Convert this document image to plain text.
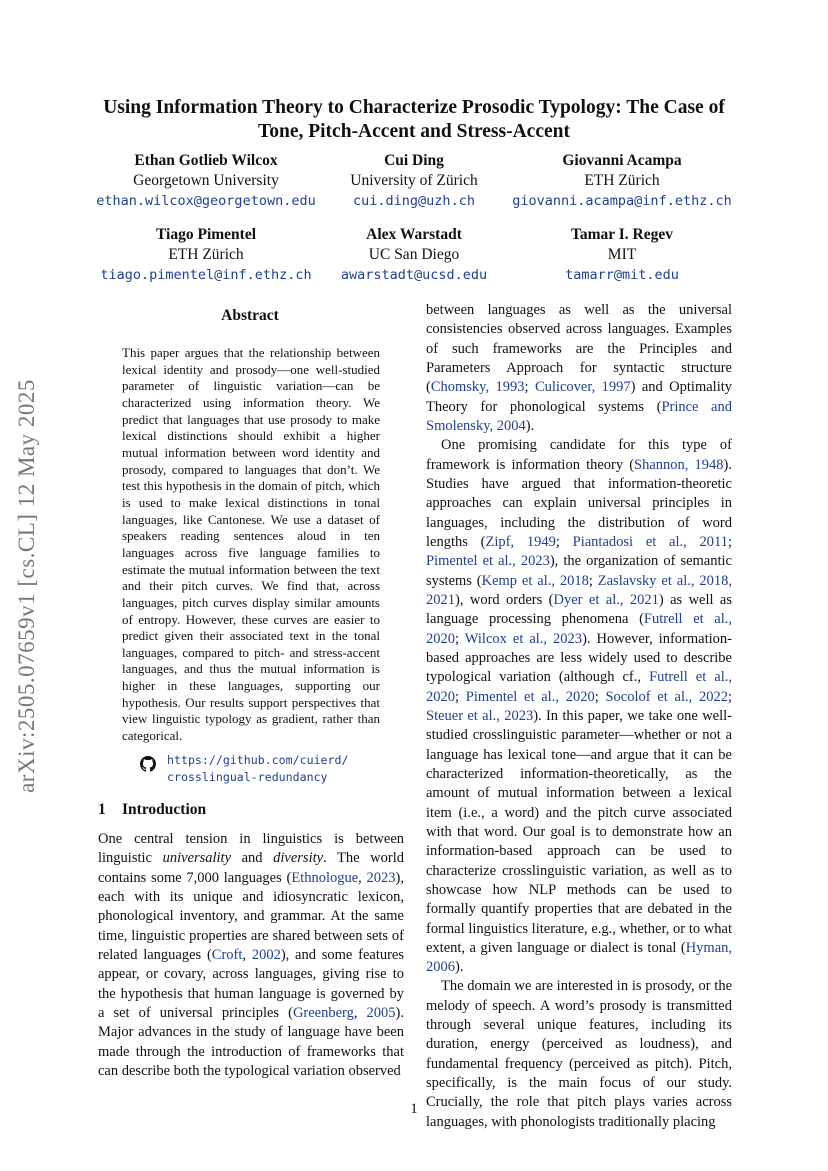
arXiv:2505.07659v1 [cs.CL] 12 May 2025
Using Information Theory to Characterize Prosodic Typology: The Case of
Tone, Pitch-Accent and Stress-Accent
Ethan Gotlieb Wilcox
Georgetown University
ethan.wilcox@georgetown.edu
Cui Ding
University of Zürich
cui.ding@uzh.ch
Giovanni Acampa
ETH Zürich
giovanni.acampa@inf.ethz.ch
Tiago Pimentel
ETH Zürich
tiago.pimentel@inf.ethz.ch
Alex Warstadt
UC San Diego
awarstadt@ucsd.edu
Tamar I. Regev
MIT
tamarr@mit.edu
Abstract
This paper argues that the relationship between lexical identity and prosody—one well-studied parameter of linguistic variation—can be characterized using information theory. We predict that languages that use prosody to make lexical distinctions should exhibit a higher mutual information between word identity and prosody, compared to languages that don’t. We test this hypothesis in the domain of pitch, which is used to make lexical distinctions in tonal languages, like Cantonese. We use a dataset of speakers reading sentences aloud in ten languages across five language families to estimate the mutual information between the text and their pitch curves. We find that, across languages, pitch curves display similar amounts of entropy. However, these curves are easier to predict given their associated text in the tonal languages, compared to pitch- and stress-accent languages, and thus the mutual information is higher in these languages, supporting our hypothesis. Our results support perspectives that view linguistic typology as gradient, rather than categorical.
https://github.com/cuierd/
crosslingual-redundancy
1 Introduction

One central tension in linguistics is between linguistic universality and diversity. The world contains some 7,000 languages (Ethnologue, 2023), each with its unique and idiosyncratic lexicon, phonological inventory, and grammar. At the same time, linguistic properties are shared between sets of related languages (Croft, 2002), and some features appear, or covary, across languages, giving rise to the hypothesis that human language is governed by a set of universal principles (Greenberg, 2005). Major advances in the study of language have been made through the introduction of frameworks that can describe both the typological variation observed

between languages as well as the universal consistencies observed across languages. Examples of such frameworks are the Principles and Parameters Approach for syntactic structure (Chomsky, 1993; Culicover, 1997) and Optimality Theory for phonological systems (Prince and Smolensky, 2004).

One promising candidate for this type of framework is information theory (Shannon, 1948). Studies have argued that information-theoretic approaches can explain universal principles in languages, including the distribution of word lengths (Zipf, 1949; Piantadosi et al., 2011; Pimentel et al., 2023), the organization of semantic systems (Kemp et al., 2018; Zaslavsky et al., 2018, 2021), word orders (Dyer et al., 2021) as well as language processing phenomena (Futrell et al., 2020; Wilcox et al., 2023). However, information-based approaches are less widely used to describe typological variation (although cf., Futrell et al., 2020; Pimentel et al., 2020; Socolof et al., 2022; Steuer et al., 2023). In this paper, we take one well-studied crosslinguistic parameter—whether or not a language has lexical tone—and argue that it can be characterized information-theoretically, as the amount of mutual information between a lexical item (i.e., a word) and the pitch curve associated with that word. Our goal is to demonstrate how an information-based approach can be used to characterize crosslinguistic variation, as well as to showcase how NLP methods can be used to formally quantify properties that are debated in the formal linguistics literature, e.g., whether, or to what extent, a given language or dialect is tonal (Hyman, 2006).

The domain we are interested in is prosody, or the melody of speech. A word’s prosody is transmitted through several unique features, including its duration, energy (perceived as loudness), and fundamental frequency (perceived as pitch). Pitch, specifically, is the main focus of our study. Crucially, the role that pitch plays varies across languages, with phonologists traditionally placing

1
